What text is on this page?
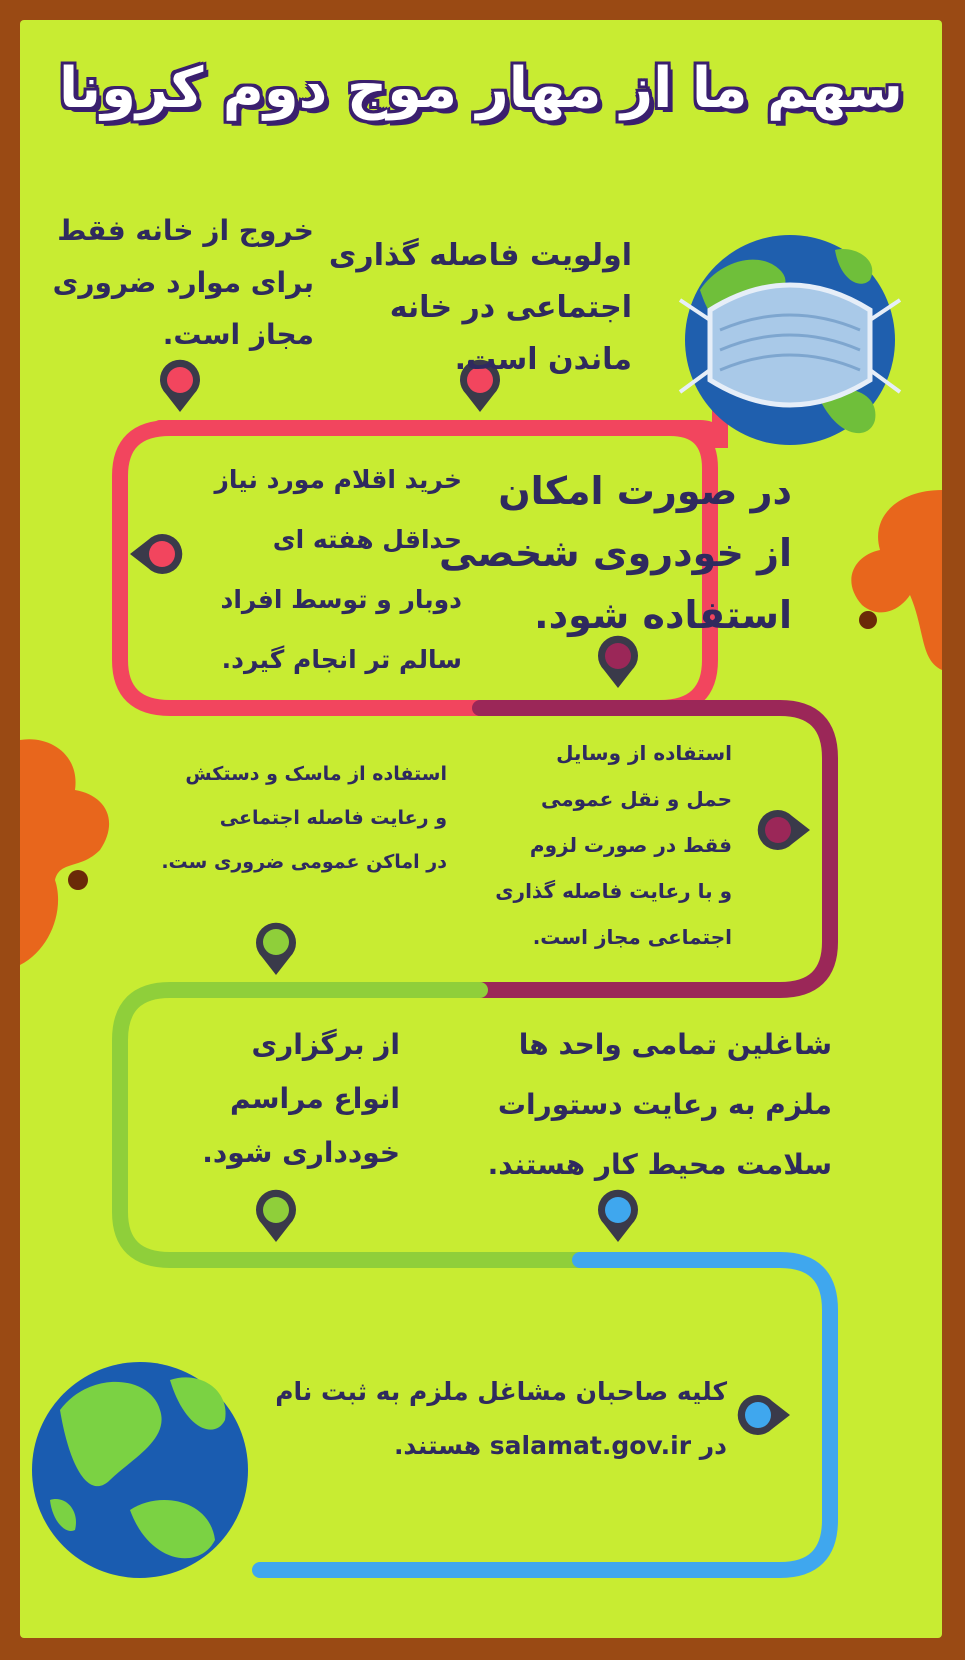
سهم ما از مهار موج دوم کرونا
اولویت فاصله گذاری
اجتماعی در خانه
ماندن است.
خروج از خانه فقط
برای موارد ضروری
مجاز است.
در صورت امکان
از خودروی شخصی
استفاده شود.
خرید اقلام مورد نیاز
حداقل هفته ای
دوبار و توسط افراد
سالم تر انجام گیرد.
استفاده از وسایل
حمل و نقل عمومی
فقط در صورت لزوم
و با رعایت فاصله گذاری
اجتماعی مجاز است.
استفاده از ماسک و دستکش
و رعایت فاصله اجتماعی
در اماکن عمومی ضروری ست.
شاغلین تمامی واحد ها
ملزم به رعایت دستورات
سلامت محیط کار هستند.
از برگزاری
انواع مراسم
خودداری شود.
کلیه صاحبان مشاغل ملزم به ثبت نام
در salamat.gov.ir هستند.
